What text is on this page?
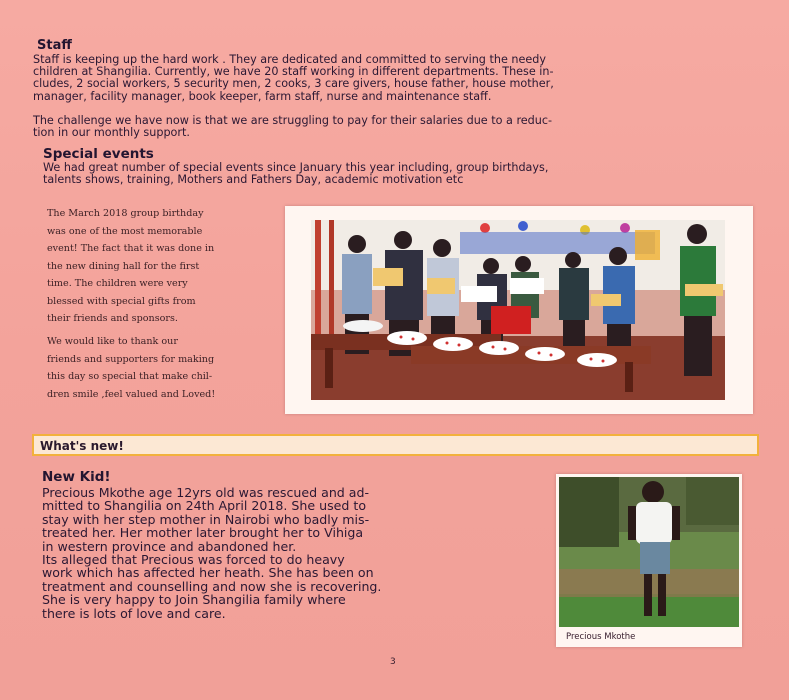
Staff
Staff is keeping up the hard work . They are dedicated and committed to serving the needy
children at Shangilia. Currently, we have 20 staff working in different departments. These in-
cludes, 2 social workers, 5 security men, 2 cooks, 3 care givers, house father, house mother,
manager, facility manager, book keeper, farm staff, nurse and maintenance staff.
The challenge we have now is that we are struggling to pay for their salaries due to a reduc-
tion in our monthly support.
Special events
We had great number of special events since January this year including, group birthdays,
talents shows, training, Mothers and Fathers Day, academic motivation etc
The March 2018 group birthday
was one of the most memorable
event! The fact that it was done in
the new dining hall for the first
time. The children were very
blessed with special gifts from
their friends and sponsors.
We would like to thank our
friends and supporters for making
this day so special that make chil-
dren smile ,feel valued and Loved!
What's new!
New Kid!
Precious Mkothe age 12yrs old was rescued and ad-
mitted to Shangilia on 24th April 2018. She used to
stay with her step mother in Nairobi who badly mis-
treated her. Her mother later brought her to Vihiga
in western province and abandoned her.
Its alleged that Precious was forced to do heavy
work which has affected her heath. She has been on
treatment and counselling and now she is recovering.
She is very happy to Join Shangilia family where
there is lots of love and care.
Precious Mkothe
3
